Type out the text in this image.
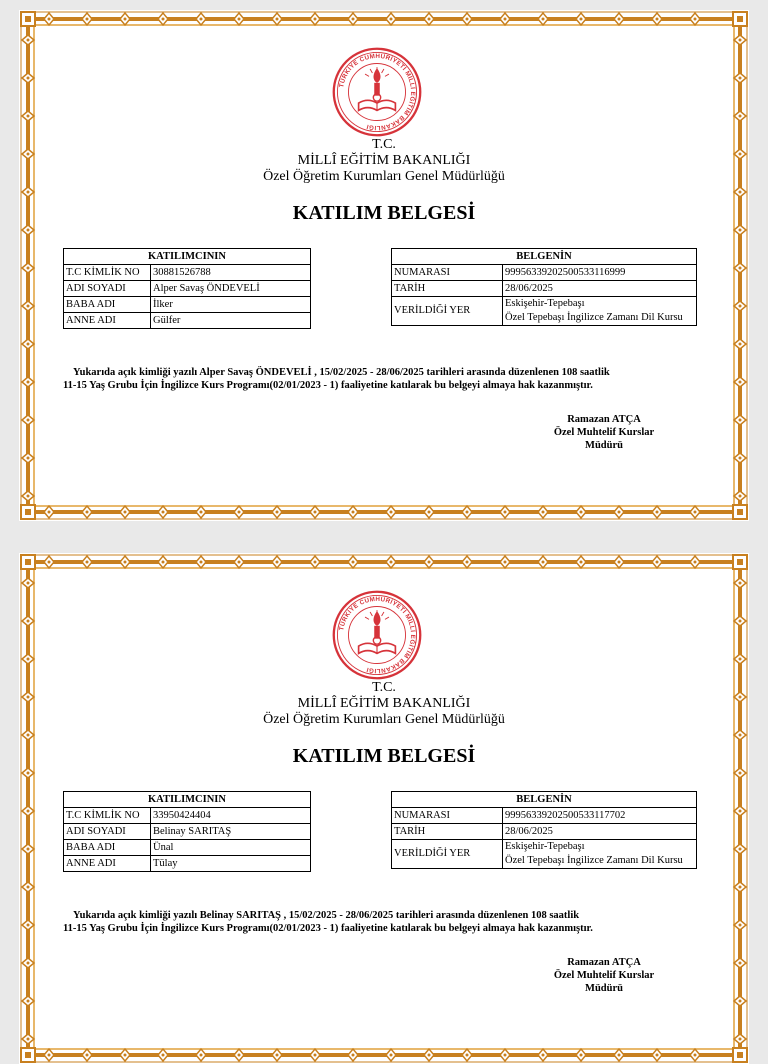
TÜRKİYE CUMHURİYETİ MİLLÎ EĞİTİM BAKANLIĞI
T.C.
MİLLÎ EĞİTİM BAKANLIĞI
Özel Öğretim Kurumları Genel Müdürlüğü
KATILIM BELGESİ
KATILIMCININ	
T.C KİMLİK NO	30881526788
ADI SOYADI	Alper Savaş ÖNDEVELİ
BABA ADI	İlker
ANNE ADI	Gülfer
BELGENİN	
NUMARASI	99956339202500533116999
TARİH	28/06/2025
VERİLDİĞİ YER	Eskişehir-Tepebaşı
Özel Tepebaşı İngilizce Zamanı Dil Kursu
Yukarıda açık kimliği yazılı Alper Savaş ÖNDEVELİ , 15/02/2025 - 28/06/2025 tarihleri arasında düzenlenen 108 saatlik
11-15 Yaş Grubu İçin İngilizce Kurs Programı(02/01/2023 - 1) faaliyetine katılarak bu belgeyi almaya hak kazanmıştır.
Ramazan ATÇA
Özel Muhtelif Kurslar
Müdürü
TÜRKİYE CUMHURİYETİ MİLLÎ EĞİTİM BAKANLIĞI
T.C.
MİLLÎ EĞİTİM BAKANLIĞI
Özel Öğretim Kurumları Genel Müdürlüğü
KATILIM BELGESİ
KATILIMCININ	
T.C KİMLİK NO	33950424404
ADI SOYADI	Belinay SARITAŞ
BABA ADI	Ünal
ANNE ADI	Tülay
BELGENİN	
NUMARASI	99956339202500533117702
TARİH	28/06/2025
VERİLDİĞİ YER	Eskişehir-Tepebaşı
Özel Tepebaşı İngilizce Zamanı Dil Kursu
Yukarıda açık kimliği yazılı Belinay SARITAŞ , 15/02/2025 - 28/06/2025 tarihleri arasında düzenlenen 108 saatlik
11-15 Yaş Grubu İçin İngilizce Kurs Programı(02/01/2023 - 1) faaliyetine katılarak bu belgeyi almaya hak kazanmıştır.
Ramazan ATÇA
Özel Muhtelif Kurslar
Müdürü
